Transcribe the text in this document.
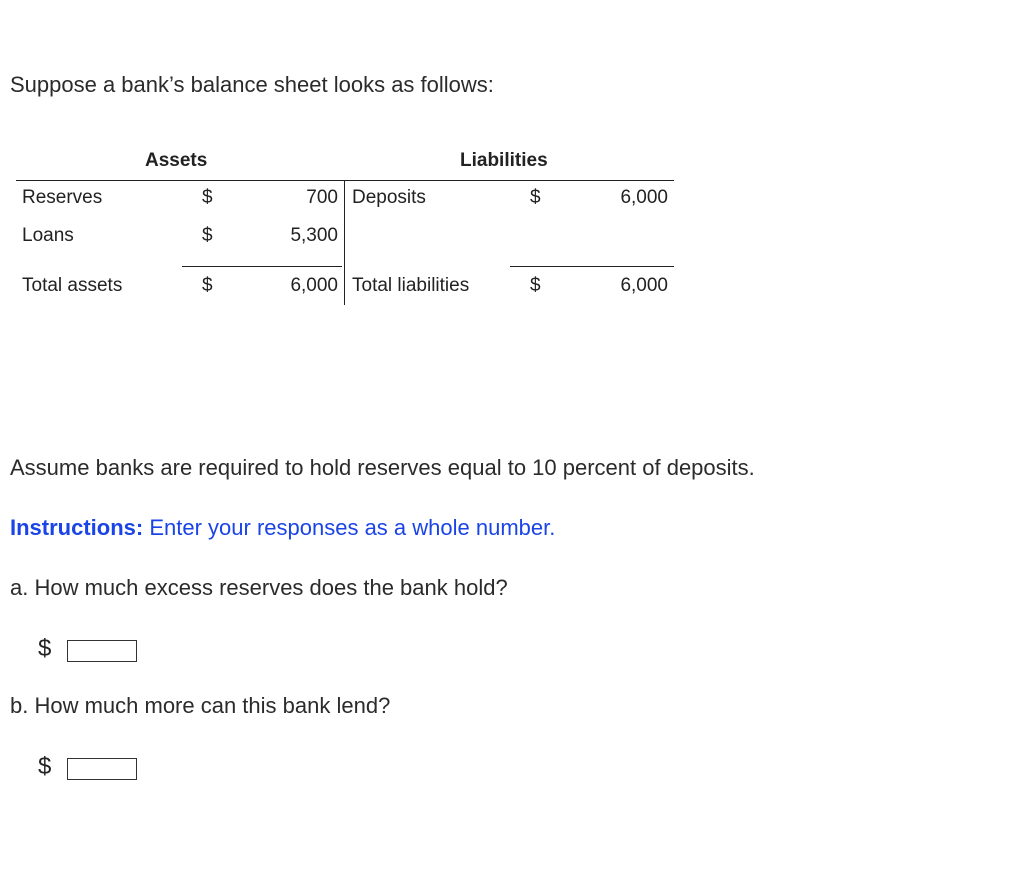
Suppose a bank’s balance sheet looks as follows:
Assets	Liabilities
Reserves	$	700 Deposits	$	6,000
Loans	$	5,300
Total assets	$	6,000 Total liabilities	$	6,000
Assume banks are required to hold reserves equal to 10 percent of deposits.
Instructions: Enter your responses as a whole number.
a. How much excess reserves does the bank hold?
$
b. How much more can this bank lend?
$
